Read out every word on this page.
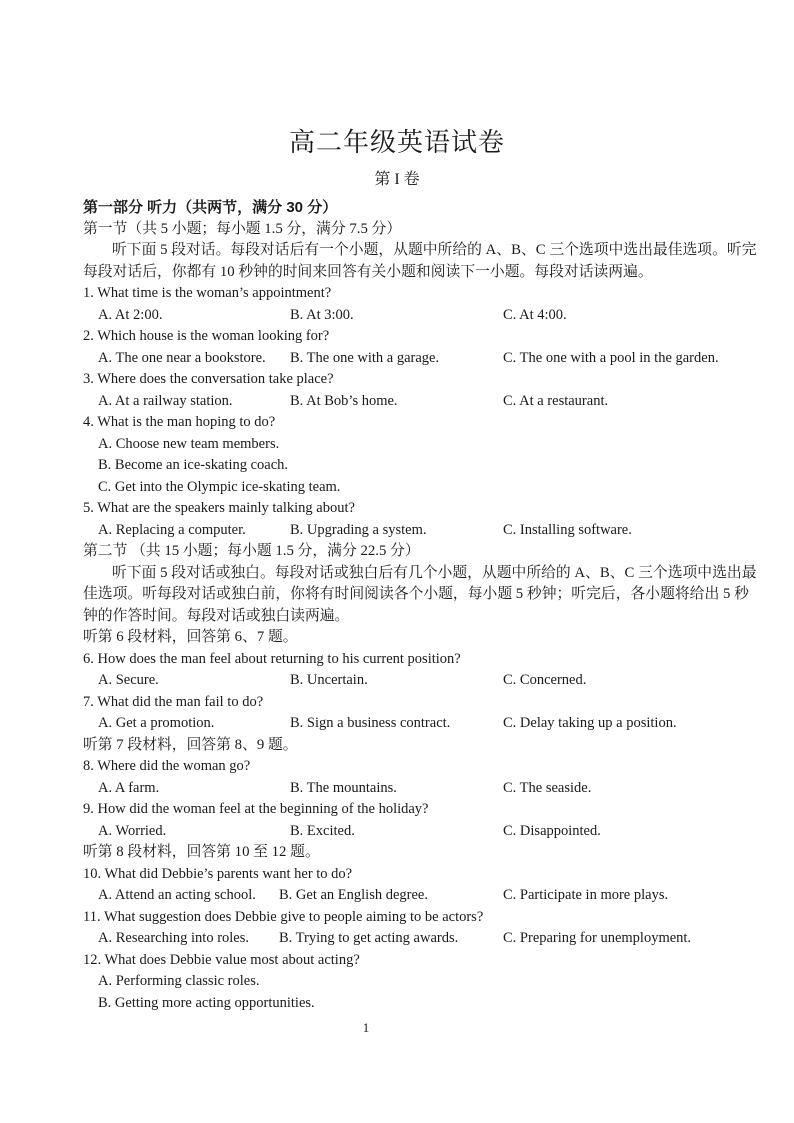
高二年级英语试卷
第 I 卷
第一部分 听力（共两节，满分 30 分）
第一节（共 5 小题；每小题 1.5 分，满分 7.5 分）
听下面 5 段对话。每段对话后有一个小题，从题中所给的 A、B、C 三个选项中选出最佳选项。听完
每段对话后，你都有 10 秒钟的时间来回答有关小题和阅读下一小题。每段对话读两遍。
1. What time is the woman’s appointment?
A. At 2:00.	B. At 3:00.	C. At 4:00.
2. Which house is the woman looking for?
A. The one near a bookstore.	B. The one with a garage.	C. The one with a pool in the garden.
3. Where does the conversation take place?
A. At a railway station.	B. At Bob’s home.	C. At a restaurant.
4. What is the man hoping to do?
A. Choose new team members.
B. Become an ice-skating coach.
C. Get into the Olympic ice-skating team.
5. What are the speakers mainly talking about?
A. Replacing a computer.	B. Upgrading a system.	C. Installing software.
第二节 （共 15 小题；每小题 1.5 分，满分 22.5 分）
听下面 5 段对话或独白。每段对话或独白后有几个小题，从题中所给的 A、B、C 三个选项中选出最
佳选项。听每段对话或独白前，你将有时间阅读各个小题，每小题 5 秒钟；听完后，各小题将给出 5 秒
钟的作答时间。每段对话或独白读两遍。
听第 6 段材料，回答第 6、7 题。
6. How does the man feel about returning to his current position?
A. Secure.	B. Uncertain.	C. Concerned.
7. What did the man fail to do?
A. Get a promotion.	B. Sign a business contract.	C. Delay taking up a position.
听第 7 段材料，回答第 8、9 题。
8. Where did the woman go?
A. A farm.	B. The mountains.	C. The seaside.
9. How did the woman feel at the beginning of the holiday?
A. Worried.	B. Excited.	C. Disappointed.
听第 8 段材料，回答第 10 至 12 题。
10. What did Debbie’s parents want her to do?
A. Attend an acting school.	B. Get an English degree.	C. Participate in more plays.
11. What suggestion does Debbie give to people aiming to be actors?
A. Researching into roles.	B. Trying to get acting awards.	C. Preparing for unemployment.
12. What does Debbie value most about acting?
A. Performing classic roles.
B. Getting more acting opportunities.
1
